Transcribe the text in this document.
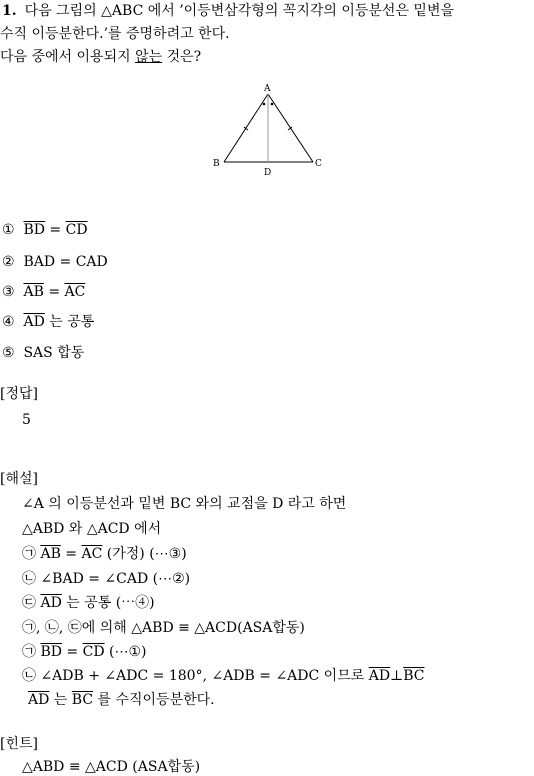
1. 다음 그림의 △ABC 에서 ’이등변삼각형의 꼭지각의 이등분선은 밑변을
수직 이등분한다.’를 증명하려고 한다.
다음 중에서 이용되지 않는 것은?
A
B	C
D
① $\overline{BD} = \overline{CD}$
②  BAD = CAD
③ $\overline{AB} = \overline{AC}$
④ $\overline{AD}$ 는 공통
⑤ SAS 합동
[정답]
5
[해설]
∠A 의 이등분선과 밑변 BC 와의 교점을 D 라고 하면
△ABD 와 △ACD 에서
㉠ $\overline{AB} = \overline{AC}$ (가정) (⋯③)
㉡ ∠BAD = ∠CAD (⋯②)
㉢ $\overline{AD}$ 는 공통 (⋯④)
㉠, ㉡, ㉢에 의해 △ABD ≡ △ACD(ASA합동)
㉠ $\overline{BD} = \overline{CD}$ (⋯①)
㉡ ∠ADB + ∠ADC = 180°, ∠ADB = ∠ADC 이므로 $\overline{AD}\perp\overline{BC}$
$\overline{AD}$ 는 $\overline{BC}$ 를 수직이등분한다.
[힌트]
△ABD ≡ △ACD (ASA합동)
